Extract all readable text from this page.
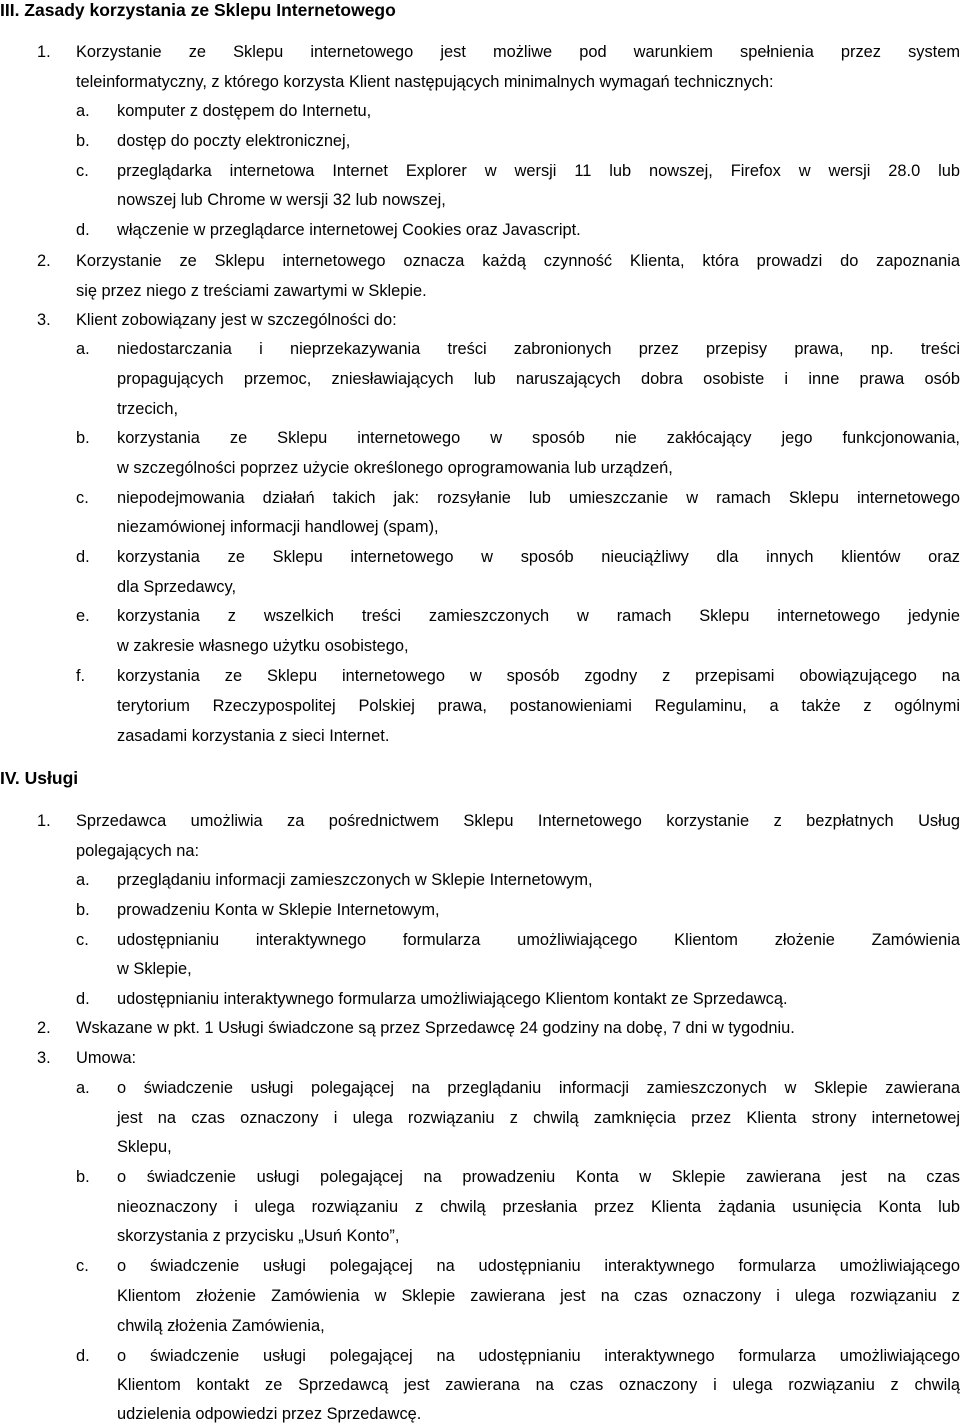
III. Zasady korzystania ze Sklepu Internetowego
1. Korzystanie ze Sklepu internetowego jest możliwe pod warunkiem spełnienia przez system
teleinformatyczny, z którego korzysta Klient następujących minimalnych wymagań technicznych:
a. komputer z dostępem do Internetu,
b. dostęp do poczty elektronicznej,
c. przeglądarka internetowa Internet Explorer w wersji 11 lub nowszej, Firefox w wersji 28.0 lub
nowszej lub Chrome w wersji 32 lub nowszej,
d. włączenie w przeglądarce internetowej Cookies oraz Javascript.
2. Korzystanie ze Sklepu internetowego oznacza każdą czynność Klienta, która prowadzi do zapoznania
się przez niego z treściami zawartymi w Sklepie.
3. Klient zobowiązany jest w szczególności do:
a. niedostarczania i nieprzekazywania treści zabronionych przez przepisy prawa, np. treści
propagujących przemoc, zniesławiających lub naruszających dobra osobiste i inne prawa osób
trzecich,
b. korzystania ze Sklepu internetowego w sposób nie zakłócający jego funkcjonowania,
w szczególności poprzez użycie określonego oprogramowania lub urządzeń,
c. niepodejmowania działań takich jak: rozsyłanie lub umieszczanie w ramach Sklepu internetowego
niezamówionej informacji handlowej (spam),
d. korzystania ze Sklepu internetowego w sposób nieuciążliwy dla innych klientów oraz
dla Sprzedawcy,
e. korzystania z wszelkich treści zamieszczonych w ramach Sklepu internetowego jedynie
w zakresie własnego użytku osobistego,
f. korzystania ze Sklepu internetowego w sposób zgodny z przepisami obowiązującego na
terytorium Rzeczypospolitej Polskiej prawa, postanowieniami Regulaminu, a także z ogólnymi
zasadami korzystania z sieci Internet.
IV. Usługi
1. Sprzedawca umożliwia za pośrednictwem Sklepu Internetowego korzystanie z bezpłatnych Usług
polegających na:
a. przeglądaniu informacji zamieszczonych w Sklepie Internetowym,
b. prowadzeniu Konta w Sklepie Internetowym,
c. udostępnianiu interaktywnego formularza umożliwiającego Klientom złożenie Zamówienia
w Sklepie,
d. udostępnianiu interaktywnego formularza umożliwiającego Klientom kontakt ze Sprzedawcą.
2. Wskazane w pkt. 1 Usługi świadczone są przez Sprzedawcę 24 godziny na dobę, 7 dni w tygodniu.
3. Umowa:
a. o świadczenie usługi polegającej na przeglądaniu informacji zamieszczonych w Sklepie zawierana
jest na czas oznaczony i ulega rozwiązaniu z chwilą zamknięcia przez Klienta strony internetowej
Sklepu,
b. o świadczenie usługi polegającej na prowadzeniu Konta w Sklepie zawierana jest na czas
nieoznaczony i ulega rozwiązaniu z chwilą przesłania przez Klienta żądania usunięcia Konta lub
skorzystania z przycisku „Usuń Konto”,
c. o świadczenie usługi polegającej na udostępnianiu interaktywnego formularza umożliwiającego
Klientom złożenie Zamówienia w Sklepie zawierana jest na czas oznaczony i ulega rozwiązaniu z
chwilą złożenia Zamówienia,
d. o świadczenie usługi polegającej na udostępnianiu interaktywnego formularza umożliwiającego
Klientom kontakt ze Sprzedawcą jest zawierana na czas oznaczony i ulega rozwiązaniu z chwilą
udzielenia odpowiedzi przez Sprzedawcę.
